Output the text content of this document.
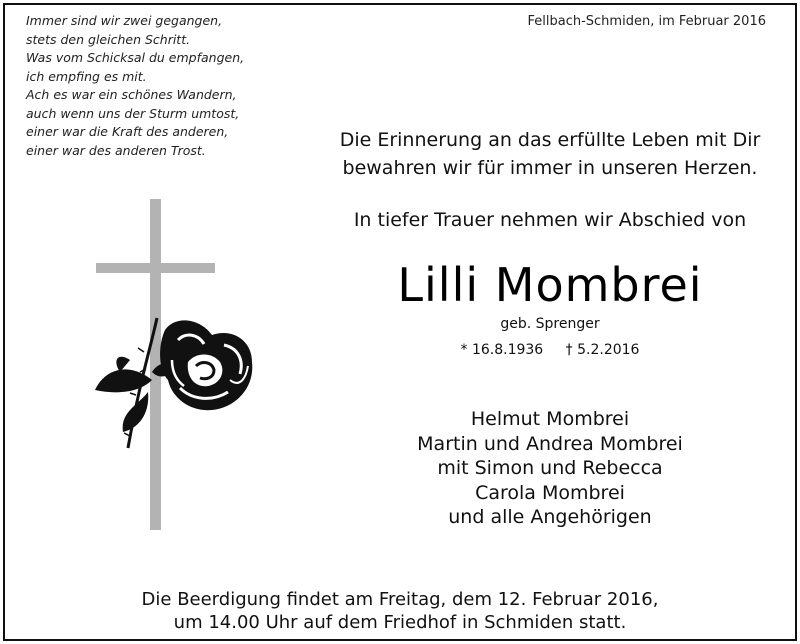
Immer sind wir zwei gegangen,
stets den gleichen Schritt.
Was vom Schicksal du empfangen,
ich empfing es mit.
Ach es war ein schönes Wandern,
auch wenn uns der Sturm umtost,
einer war die Kraft des anderen,
einer war des anderen Trost.
Fellbach-Schmiden, im Februar 2016
Die Erinnerung an das erfüllte Leben mit Dir
bewahren wir für immer in unseren Herzen.
In tiefer Trauer nehmen wir Abschied von
Lilli Mombrei
geb. Sprenger
* 16.8.1936 † 5.2.2016
Helmut Mombrei
Martin und Andrea Mombrei
mit Simon und Rebecca
Carola Mombrei
und alle Angehörigen
Die Beerdigung findet am Freitag, dem 12. Februar 2016,
um 14.00 Uhr auf dem Friedhof in Schmiden statt.
